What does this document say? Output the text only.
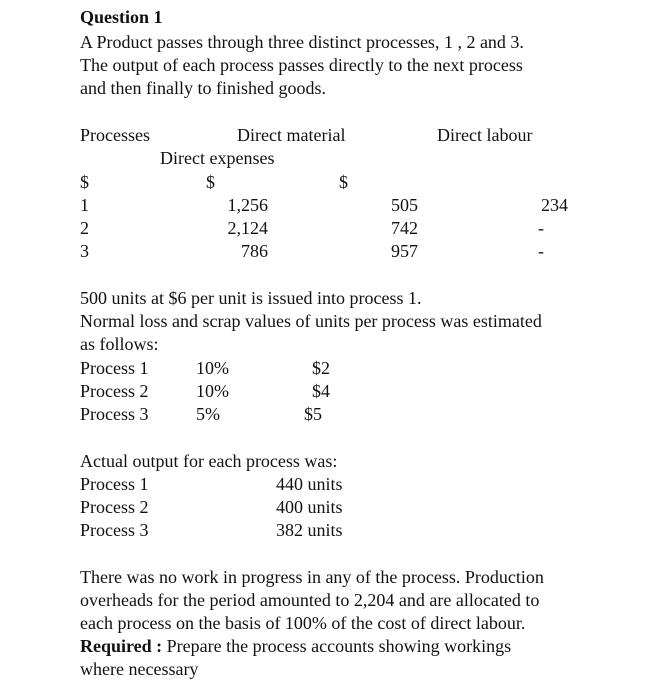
Question 1
A Product passes through three distinct processes, 1 , 2 and 3.
The output of each process passes directly to the next process
and then finally to finished goods.
Processes	Direct material	Direct labour
Direct expenses
$	$	$
1	1,256	505	234
2	2,124	742	-
3	786	957	-
500 units at $6 per unit is issued into process 1.
Normal loss and scrap values of units per process was estimated
as follows:
Process 1	10%	$2
Process 2	10%	$4
Process 3	5%	$5
Actual output for each process was:
Process 1	440 units
Process 2	400 units
Process 3	382 units
There was no work in progress in any of the process. Production
overheads for the period amounted to 2,204 and are allocated to
each process on the basis of 100% of the cost of direct labour.
Required : Prepare the process accounts showing workings
where necessary
